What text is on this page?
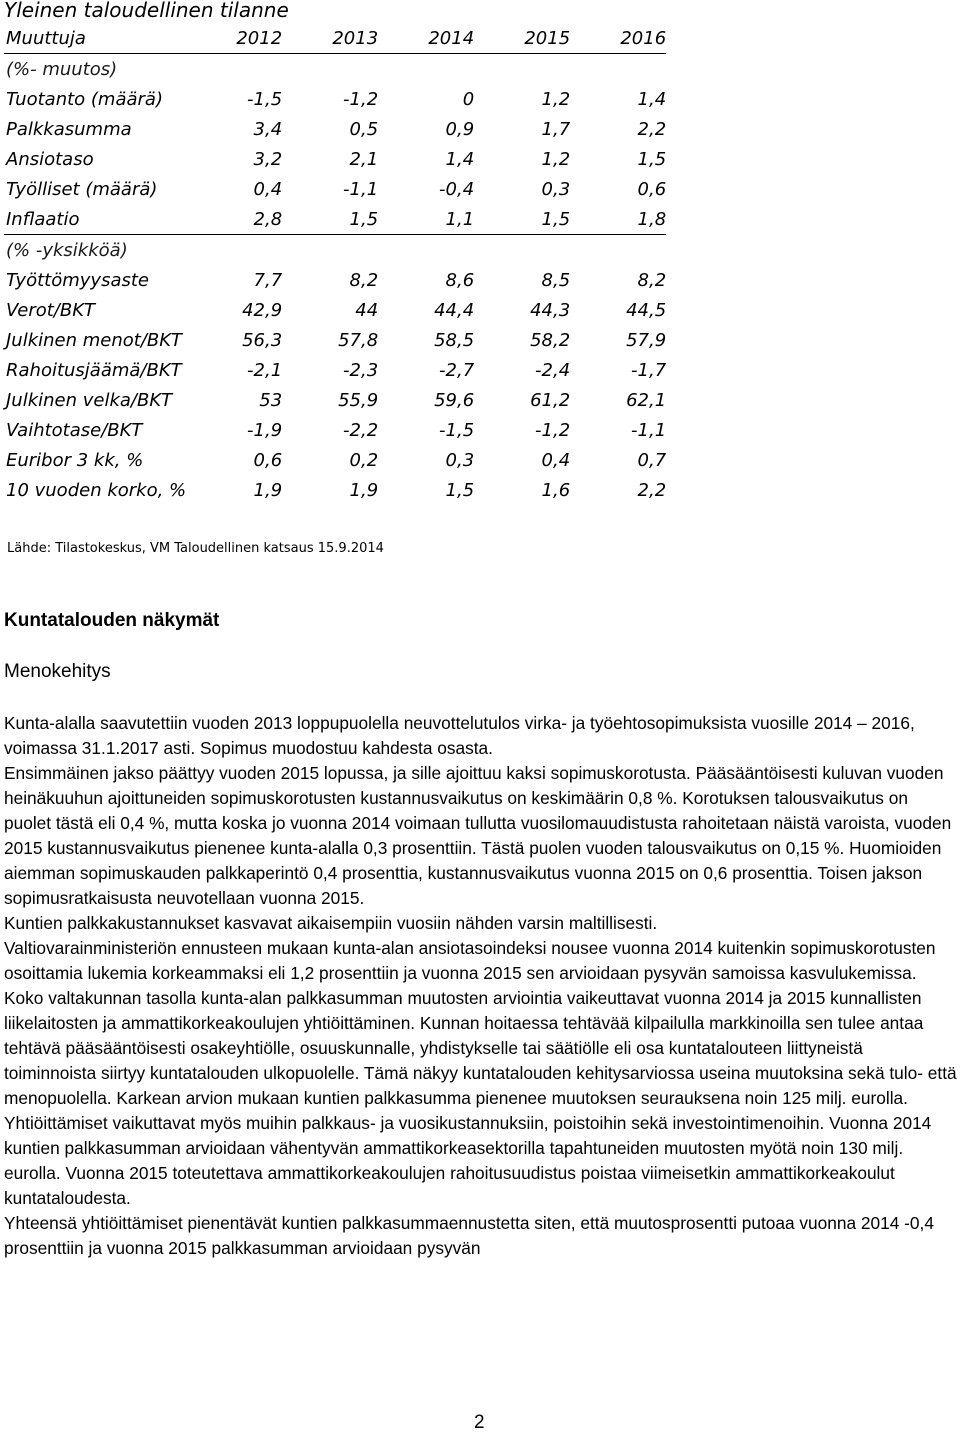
Yleinen taloudellinen tilanne
Muuttuja	2012	2013	2014	2015	2016
(%- muutos)					
Tuotanto (määrä)	-1,5	-1,2	0	1,2	1,4
Palkkasumma	3,4	0,5	0,9	1,7	2,2
Ansiotaso	3,2	2,1	1,4	1,2	1,5
Työlliset (määrä)	0,4	-1,1	-0,4	0,3	0,6
Inflaatio	2,8	1,5	1,1	1,5	1,8
(% -yksikköä)					
Työttömyysaste	7,7	8,2	8,6	8,5	8,2
Verot/BKT	42,9	44	44,4	44,3	44,5
Julkinen menot/BKT	56,3	57,8	58,5	58,2	57,9
Rahoitusjäämä/BKT	-2,1	-2,3	-2,7	-2,4	-1,7
Julkinen velka/BKT	53	55,9	59,6	61,2	62,1
Vaihtotase/BKT	-1,9	-2,2	-1,5	-1,2	-1,1
Euribor 3 kk, %	0,6	0,2	0,3	0,4	0,7
10 vuoden korko, %	1,9	1,9	1,5	1,6	2,2
Lähde: Tilastokeskus, VM Taloudellinen katsaus 15.9.2014
Kuntatalouden näkymät
Menokehitys

Kunta-alalla saavutettiin vuoden 2013 loppupuolella neuvottelutulos virka- ja työehtosopimuksista vuosille 2014 – 2016, voimassa 31.1.2017 asti. Sopimus muodostuu kahdesta osasta.

Ensimmäinen jakso päättyy vuoden 2015 lopussa, ja sille ajoittuu kaksi sopimuskorotusta. Pääsääntöisesti kuluvan vuoden heinäkuuhun ajoittuneiden sopimuskorotusten kustannusvaikutus on keskimäärin 0,8 %. Korotuksen talousvaikutus on puolet tästä eli 0,4 %, mutta koska jo vuonna 2014 voimaan tullutta vuosilomauudistusta rahoitetaan näistä varoista, vuoden 2015 kustannusvaikutus pienenee kunta-alalla 0,3 prosenttiin. Tästä puolen vuoden talousvaikutus on 0,15 %. Huomioiden aiemman sopimuskauden palkkaperintö 0,4 prosenttia, kustannusvaikutus vuonna 2015 on 0,6 prosenttia. Toisen jakson sopimusratkaisusta neuvotellaan vuonna 2015.

Kuntien palkkakustannukset kasvavat aikaisempiin vuosiin nähden varsin maltillisesti.

Valtiovarainministeriön ennusteen mukaan kunta-alan ansiotasoindeksi nousee vuonna 2014 kuitenkin sopimuskorotusten osoittamia lukemia korkeammaksi eli 1,2 prosenttiin ja vuonna 2015 sen arvioidaan pysyvän samoissa kasvulukemissa.

Koko valtakunnan tasolla kunta-alan palkkasumman muutosten arviointia vaikeuttavat vuonna 2014 ja 2015 kunnallisten liikelaitosten ja ammattikorkeakoulujen yhtiöittäminen. Kunnan hoitaessa tehtävää kilpailulla markkinoilla sen tulee antaa tehtävä pääsääntöisesti osakeyhtiölle, osuuskunnalle, yhdistykselle tai säätiölle eli osa kuntatalouteen liittyneistä toiminnoista siirtyy kuntatalouden ulkopuolelle. Tämä näkyy kuntatalouden kehitysarviossa useina muutoksina sekä tulo- että menopuolella. Karkean arvion mukaan kuntien palkkasumma pienenee muutoksen seurauksena noin 125 milj. eurolla. Yhtiöittämiset vaikuttavat myös muihin palkkaus- ja vuosikustannuksiin, poistoihin sekä investointimenoihin. Vuonna 2014 kuntien palkkasumman arvioidaan vähentyvän ammattikorkeasektorilla tapahtuneiden muutosten myötä noin 130 milj. eurolla. Vuonna 2015 toteutettava ammattikorkeakoulujen rahoitusuudistus poistaa viimeisetkin ammattikorkeakoulut kuntataloudesta.

Yhteensä yhtiöittämiset pienentävät kuntien palkkasummaennustetta siten, että muutosprosentti putoaa vuonna 2014 -0,4 prosenttiin ja vuonna 2015 palkkasumman arvioidaan pysyvän

2
